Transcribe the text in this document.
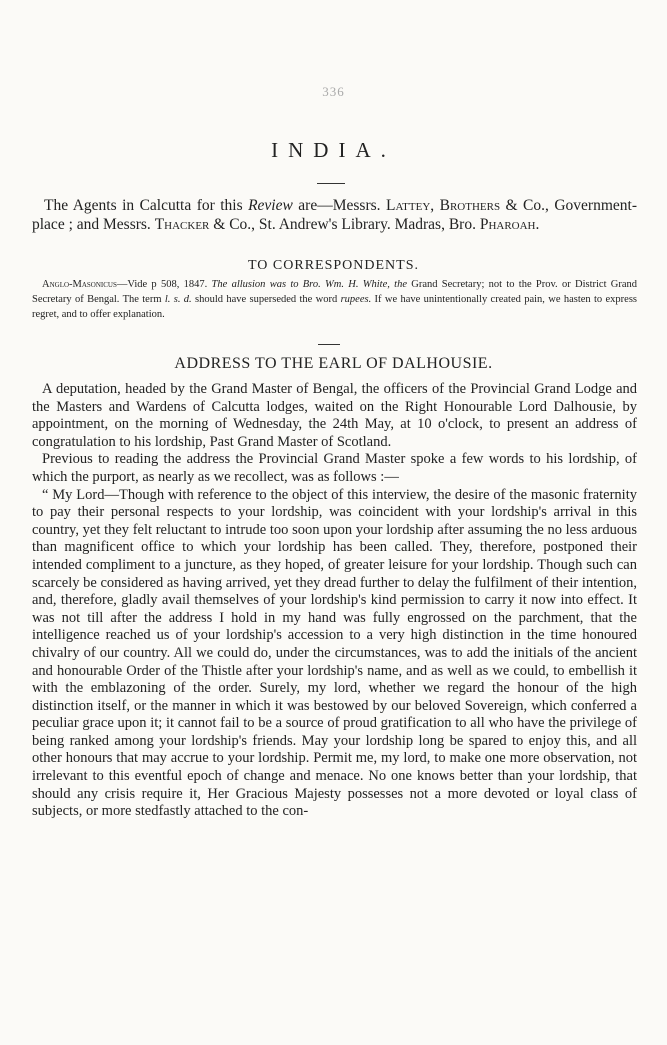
336
INDIA.

The Agents in Calcutta for this Review are—Messrs. Lattey, Brothers & Co., Government-place ; and Messrs. Thacker & Co., St. Andrew's Library. Madras, Bro. Pharoah.

TO CORRESPONDENTS.

Anglo-Masonicus—Vide p 508, 1847. The allusion was to Bro. Wm. H. White, the Grand Secretary; not to the Prov. or District Grand Secretary of Bengal. The term l. s. d. should have superseded the word rupees. If we have unintentionally created pain, we hasten to express regret, and to offer explanation.

ADDRESS TO THE EARL OF DALHOUSIE.

A deputation, headed by the Grand Master of Bengal, the officers of the Provincial Grand Lodge and the Masters and Wardens of Calcutta lodges, waited on the Right Honourable Lord Dalhousie, by appointment, on the morning of Wednesday, the 24th May, at 10 o'clock, to present an address of congratulation to his lordship, Past Grand Master of Scotland.

Previous to reading the address the Provincial Grand Master spoke a few words to his lordship, of which the purport, as nearly as we recollect, was as follows :—

“ My Lord—Though with reference to the object of this interview, the desire of the masonic fraternity to pay their personal respects to your lordship, was coincident with your lordship's arrival in this country, yet they felt reluctant to intrude too soon upon your lordship after assuming the no less arduous than magnificent office to which your lordship has been called. They, therefore, postponed their intended compliment to a juncture, as they hoped, of greater leisure for your lordship. Though such can scarcely be considered as having arrived, yet they dread further to delay the fulfilment of their intention, and, therefore, gladly avail themselves of your lordship's kind permission to carry it now into effect. It was not till after the address I hold in my hand was fully engrossed on the parchment, that the intelligence reached us of your lordship's accession to a very high distinction in the time honoured chivalry of our country. All we could do, under the circumstances, was to add the initials of the ancient and honourable Order of the Thistle after your lordship's name, and as well as we could, to embellish it with the emblazoning of the order. Surely, my lord, whether we regard the honour of the high distinction itself, or the manner in which it was bestowed by our beloved Sovereign, which conferred a peculiar grace upon it; it cannot fail to be a source of proud gratification to all who have the privilege of being ranked among your lordship's friends. May your lordship long be spared to enjoy this, and all other honours that may accrue to your lordship. Permit me, my lord, to make one more observation, not irrelevant to this eventful epoch of change and menace. No one knows better than your lordship, that should any crisis require it, Her Gracious Majesty possesses not a more devoted or loyal class of subjects, or more stedfastly attached to the con-
